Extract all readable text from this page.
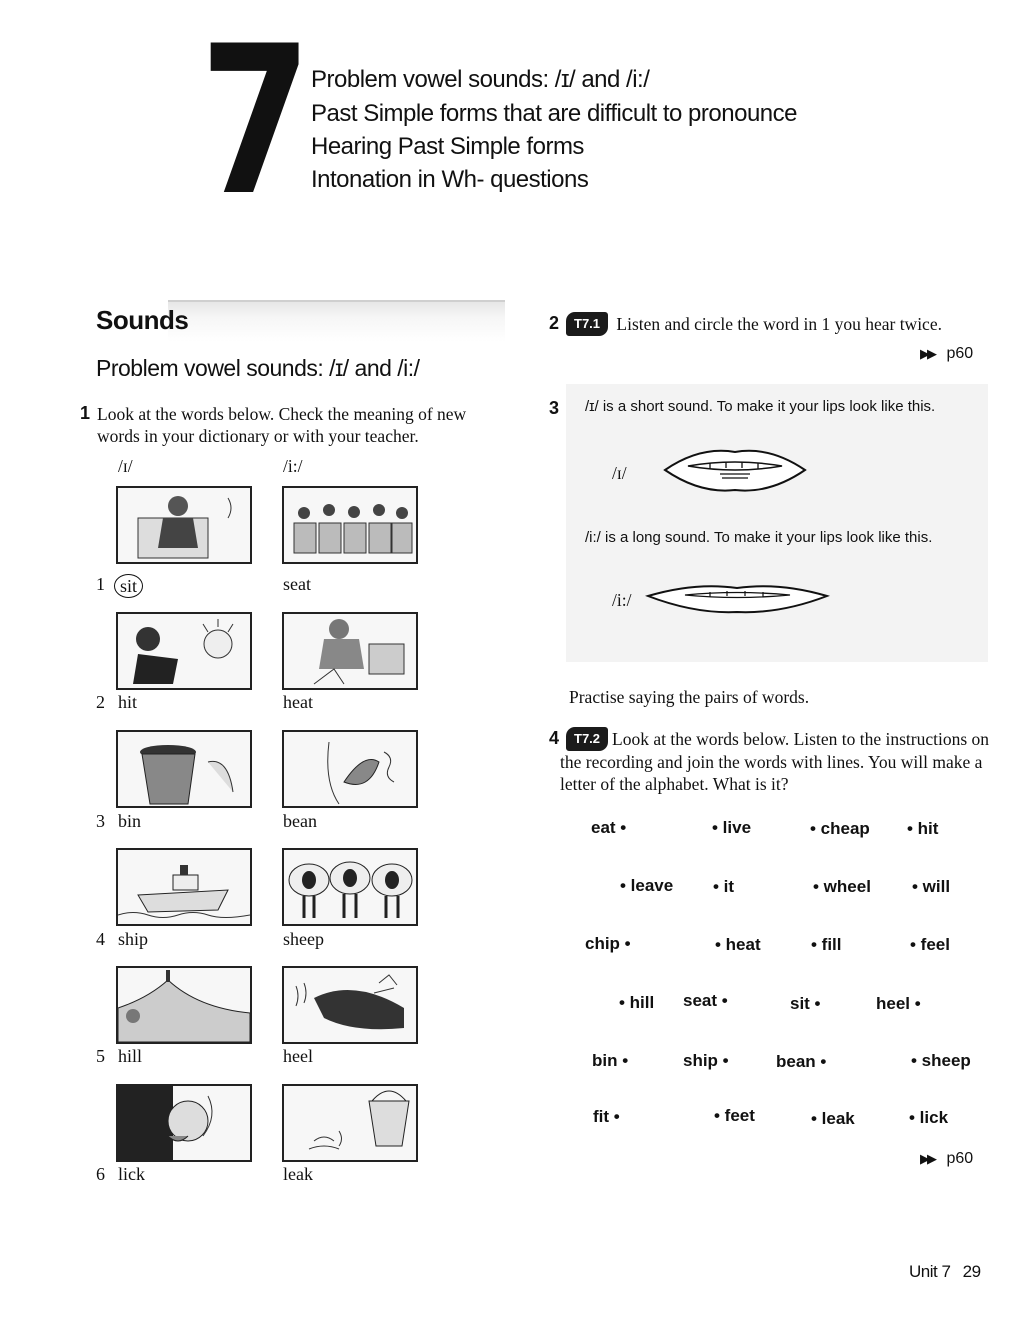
7 Problem vowel sounds: /ɪ/ and /i:/
Past Simple forms that are difficult to pronounce
Hearing Past Simple forms
Intonation in Wh- questions
Sounds
Problem vowel sounds: /ɪ/ and /i:/
1 Look at the words below. Check the meaning of new words in your dictionary or with your teacher.
/ɪ/	/i:/
1 sit	seat
2 hit	heat
3 bin	bean
4 ship	sheep
5 hill	heel
6 lick	leak
2	T7.1 Listen and circle the word in 1 you hear twice.
▶▶ p60
3 /ɪ/ is a short sound. To make it your lips look like this.
/ɪ/
/i:/ is a long sound. To make it your lips look like this.
/i:/
Practise saying the pairs of words.
4	T7.2 Look at the words below. Listen to the instructions on the recording and join the words with lines. You will make a letter of the alphabet. What is it?
eat •	• live	• cheap • hit
• leave • it	• wheel • will
chip •	• heat	• fill	• feel
• hill seat •	sit •	heel •
bin •	ship •	bean •	• sheep
fit •	• feet	• leak	• lick
▶▶ p60
Unit 7 29
